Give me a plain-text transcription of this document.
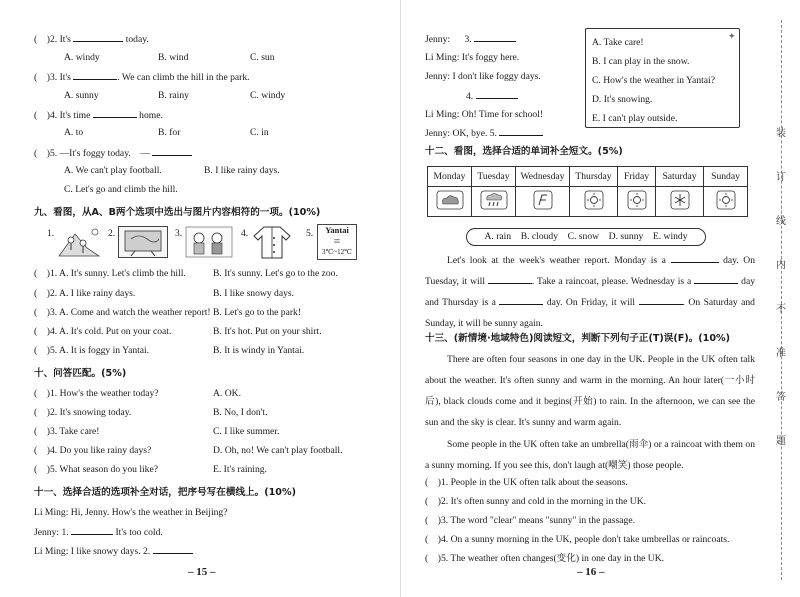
(　)2. It's	today.
A. windy	B. wind	C. sun
(　)3. It's	. We can climb the hill in the park.
A. sunny	B. rainy	C. windy
(　)4. It's time	home.
A. to	B. for	C. in
(　)5. —It's foggy today.　—
A. We can't play football.	B. I like rainy days.
C. Let's go and climb the hill.
九、看图，从A、B两个选项中选出与图片内容相符的一项。(10%)
1.	2.	3.	4.	5.	Yantai
≡
3℃~12℃
(　)1. A. It's sunny. Let's climb the hill.	B. It's sunny. Let's go to the zoo.
(　)2. A. I like rainy days.	B. I like snowy days.
(　)3. A. Come and watch the weather report! B. Let's go to the park!
(　)4. A. It's cold. Put on your coat.	B. It's hot. Put on your shirt.
(　)5. A. It is foggy in Yantai.	B. It is windy in Yantai.
十、问答匹配。(5%)
(　)1. How's the weather today?	A. OK.
(　)2. It's snowing today.	B. No, I don't.
(　)3. Take care!	C. I like summer.
(　)4. Do you like rainy days?	D. Oh, no! We can't play football.
(　)5. What season do you like?	E. It's raining.
十一、选择合适的选项补全对话，把序号写在横线上。(10%)
Li Ming: Hi, Jenny. How's the weather in Beijing?
Jenny: 1.	It's too cold.
Li Ming: I like snowy days. 2.
– 15 –
Jenny: 3.
Li Ming: It's foggy here.
Jenny: I don't like foggy days.
4.
Li Ming: Oh! Time for school!
Jenny: OK, bye. 5.
A. Take care!
B. I can play in the snow.
C. How's the weather in Yantai?
D. It's snowing.
E. I can't play outside.
✦
十二、看图，选择合适的单词补全短文。(5%)
Monday	Tuesday	Wednesday	Thursday	Friday	Saturday	Sunday

A. rain　B. cloudy　C. snow　D. sunny　E. windy
Let's look at the week's weather report. Monday is a	day. On Tuesday, it will	. Take a raincoat, please. Wednesday is a	day and Thursday is a	day. On Friday, it will	. On Saturday and Sunday, it will be sunny again.
十三、(新情境·地域特色)阅读短文，判断下列句子正(T)误(F)。(10%)
There are often four seasons in one day in the UK. People in the UK often talk about the weather. It's often sunny and warm in the morning. An hour later(一小时后), black clouds come and it begins(开始) to rain. In the afternoon, we can see the sun and the sky is clear. It's sunny and warm again.
Some people in the UK often take an umbrella(雨伞) or a raincoat with them on a sunny morning. If you see this, don't laugh at(嘲笑) those people.
(　)1. People in the UK often talk about the seasons.
(　)2. It's often sunny and cold in the morning in the UK.
(　)3. The word "clear" means "sunny" in the passage.
(　)4. On a sunny morning in the UK, people don't take umbrellas or raincoats.
(　)5. The weather often changes(变化) in one day in the UK.
– 16 –
装
订
线
内
不
准
答
题
